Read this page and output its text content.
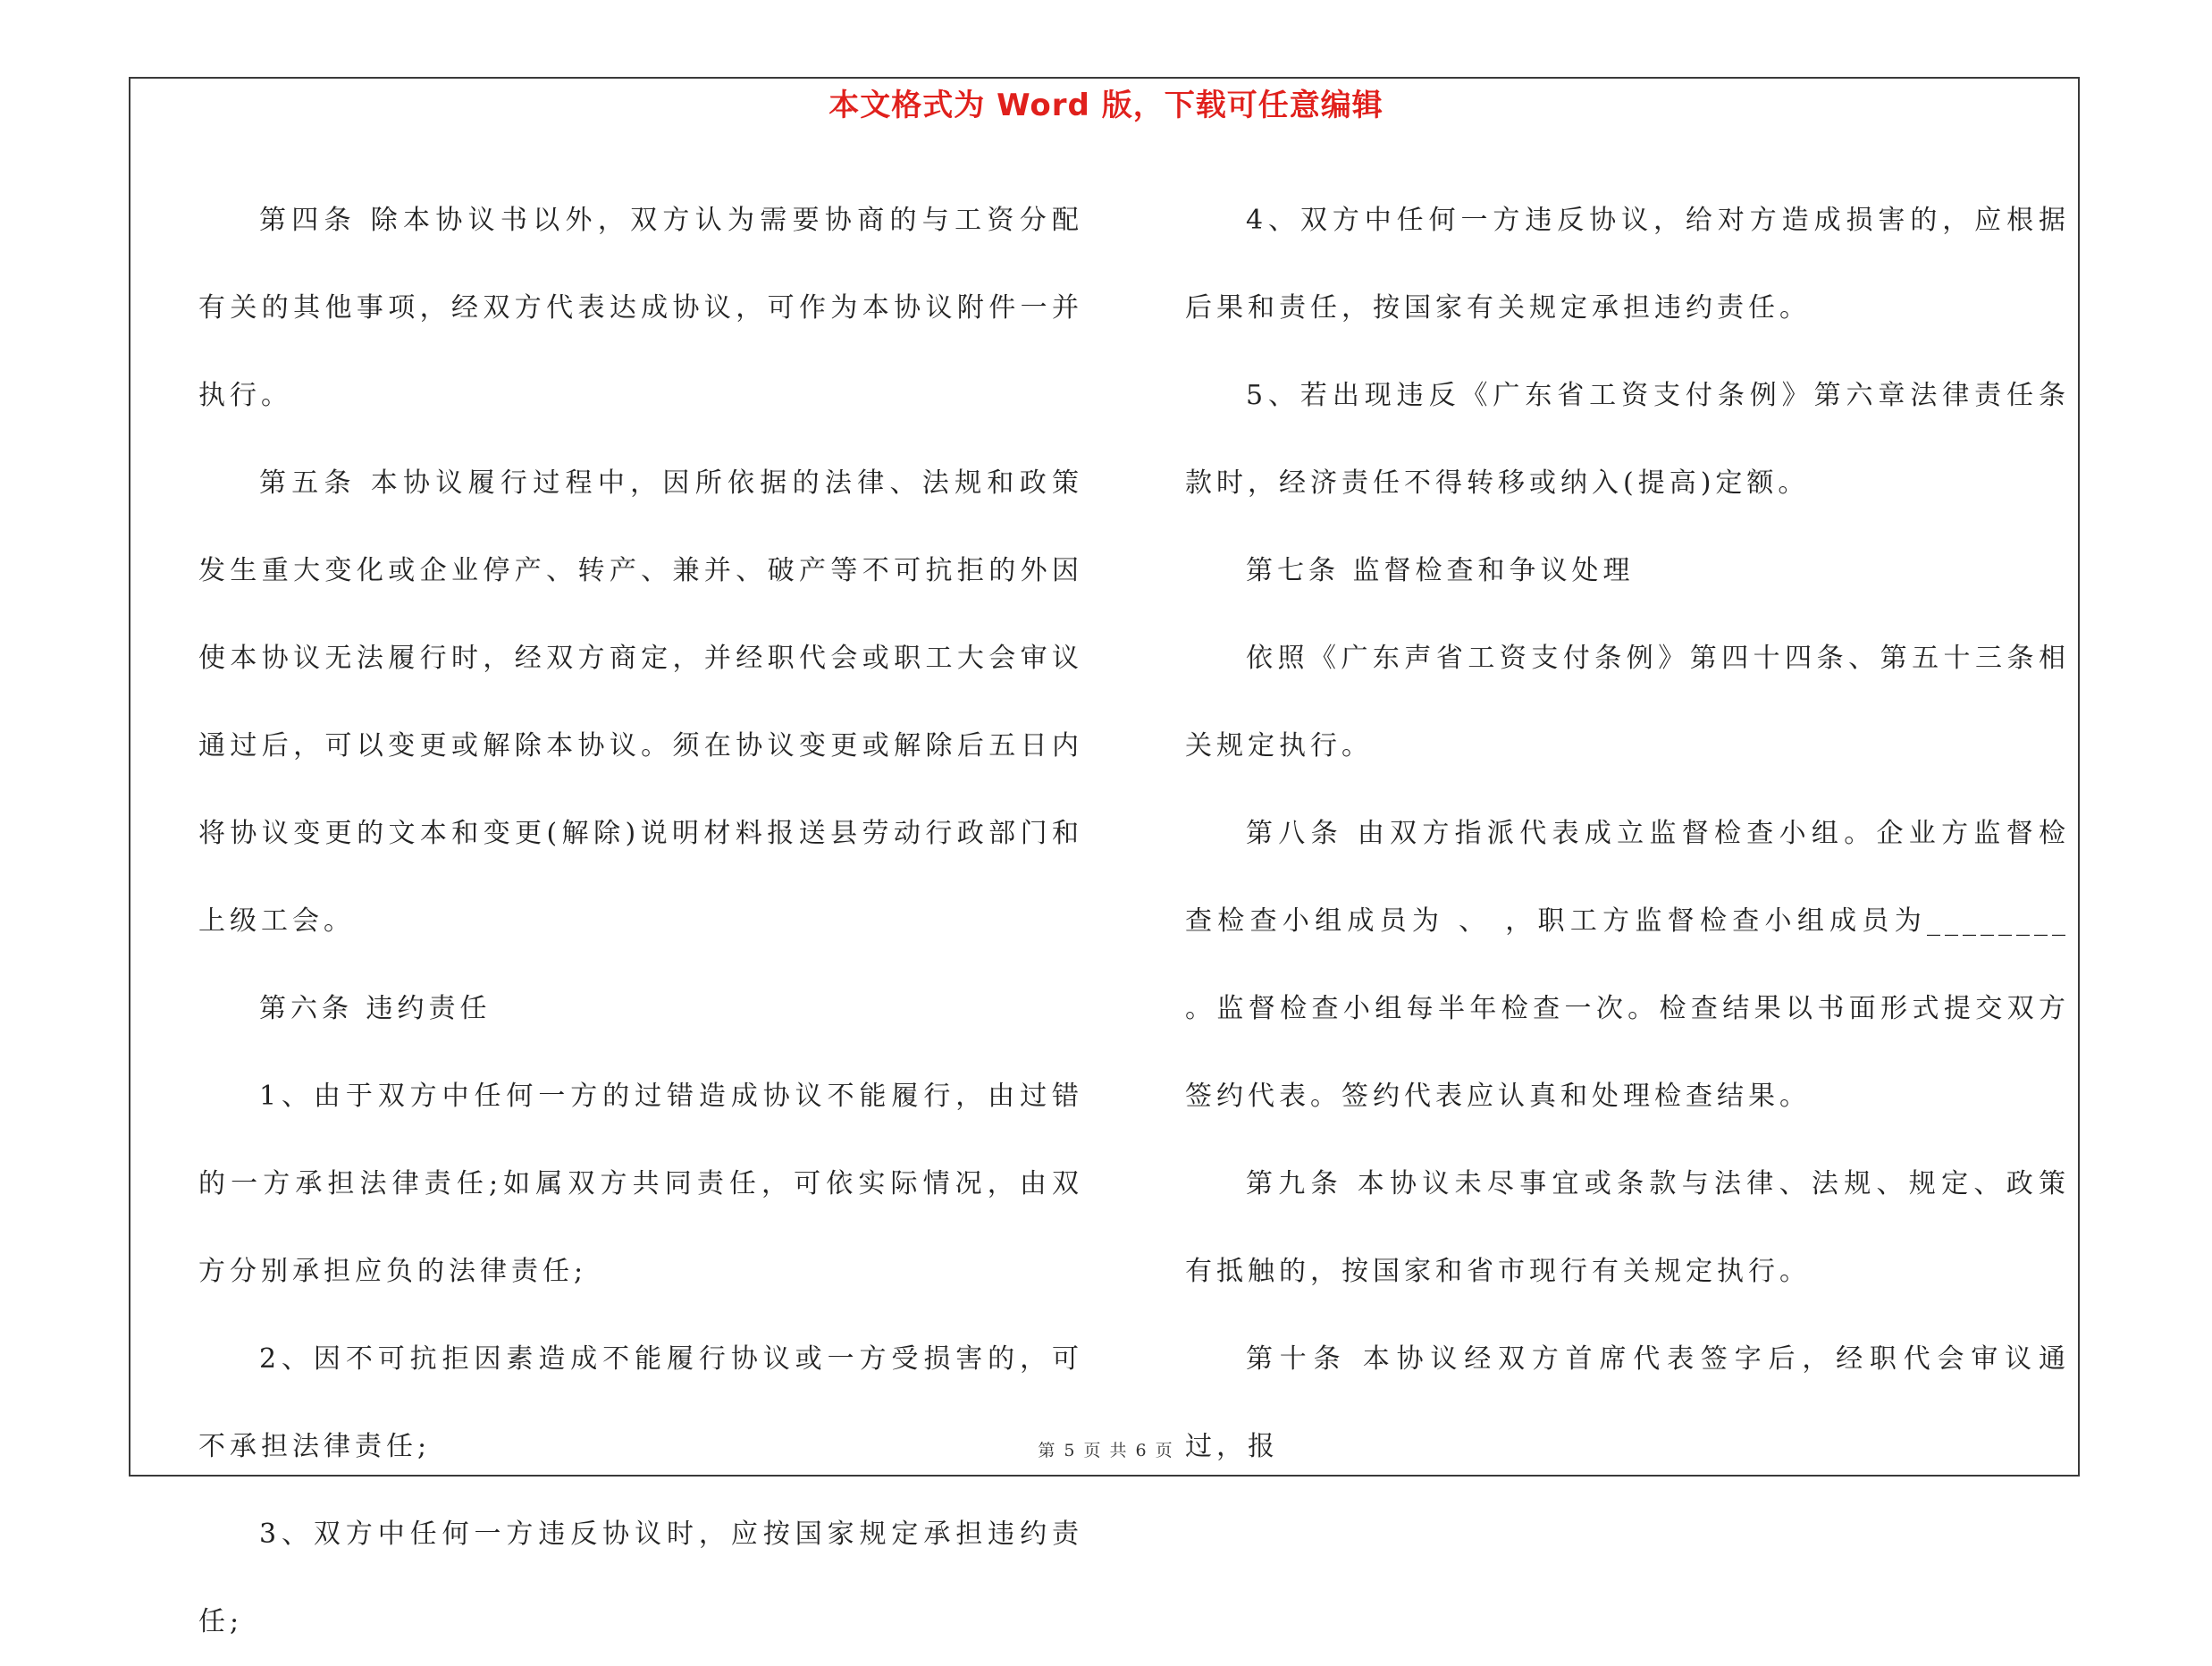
本文格式为 Word 版，下载可任意编辑

第四条 除本协议书以外，双方认为需要协商的与工资分配有关的其他事项，经双方代表达成协议，可作为本协议附件一并执行。

第五条 本协议履行过程中，因所依据的法律、法规和政策发生重大变化或企业停产、转产、兼并、破产等不可抗拒的外因使本协议无法履行时，经双方商定，并经职代会或职工大会审议通过后，可以变更或解除本协议。须在协议变更或解除后五日内将协议变更的文本和变更(解除)说明材料报送县劳动行政部门和上级工会。

第六条 违约责任

1、由于双方中任何一方的过错造成协议不能履行，由过错的一方承担法律责任;如属双方共同责任，可依实际情况，由双方分别承担应负的法律责任;

2、因不可抗拒因素造成不能履行协议或一方受损害的，可不承担法律责任;

3、双方中任何一方违反协议时，应按国家规定承担违约责任;

4、双方中任何一方违反协议，给对方造成损害的，应根据后果和责任，按国家有关规定承担违约责任。

5、若出现违反《广东省工资支付条例》第六章法律责任条款时，经济责任不得转移或纳入(提高)定额。

第七条 监督检查和争议处理

依照《广东声省工资支付条例》第四十四条、第五十三条相关规定执行。

第八条 由双方指派代表成立监督检查小组。企业方监督检查检查小组成员为 、 ，职工方监督检查小组成员为________ 。监督检查小组每半年检查一次。检查结果以书面形式提交双方签约代表。签约代表应认真和处理检查结果。

第九条 本协议未尽事宜或条款与法律、法规、规定、政策有抵触的，按国家和省市现行有关规定执行。

第十条 本协议经双方首席代表签字后，经职代会审议通过，报

第 5 页 共 6 页
